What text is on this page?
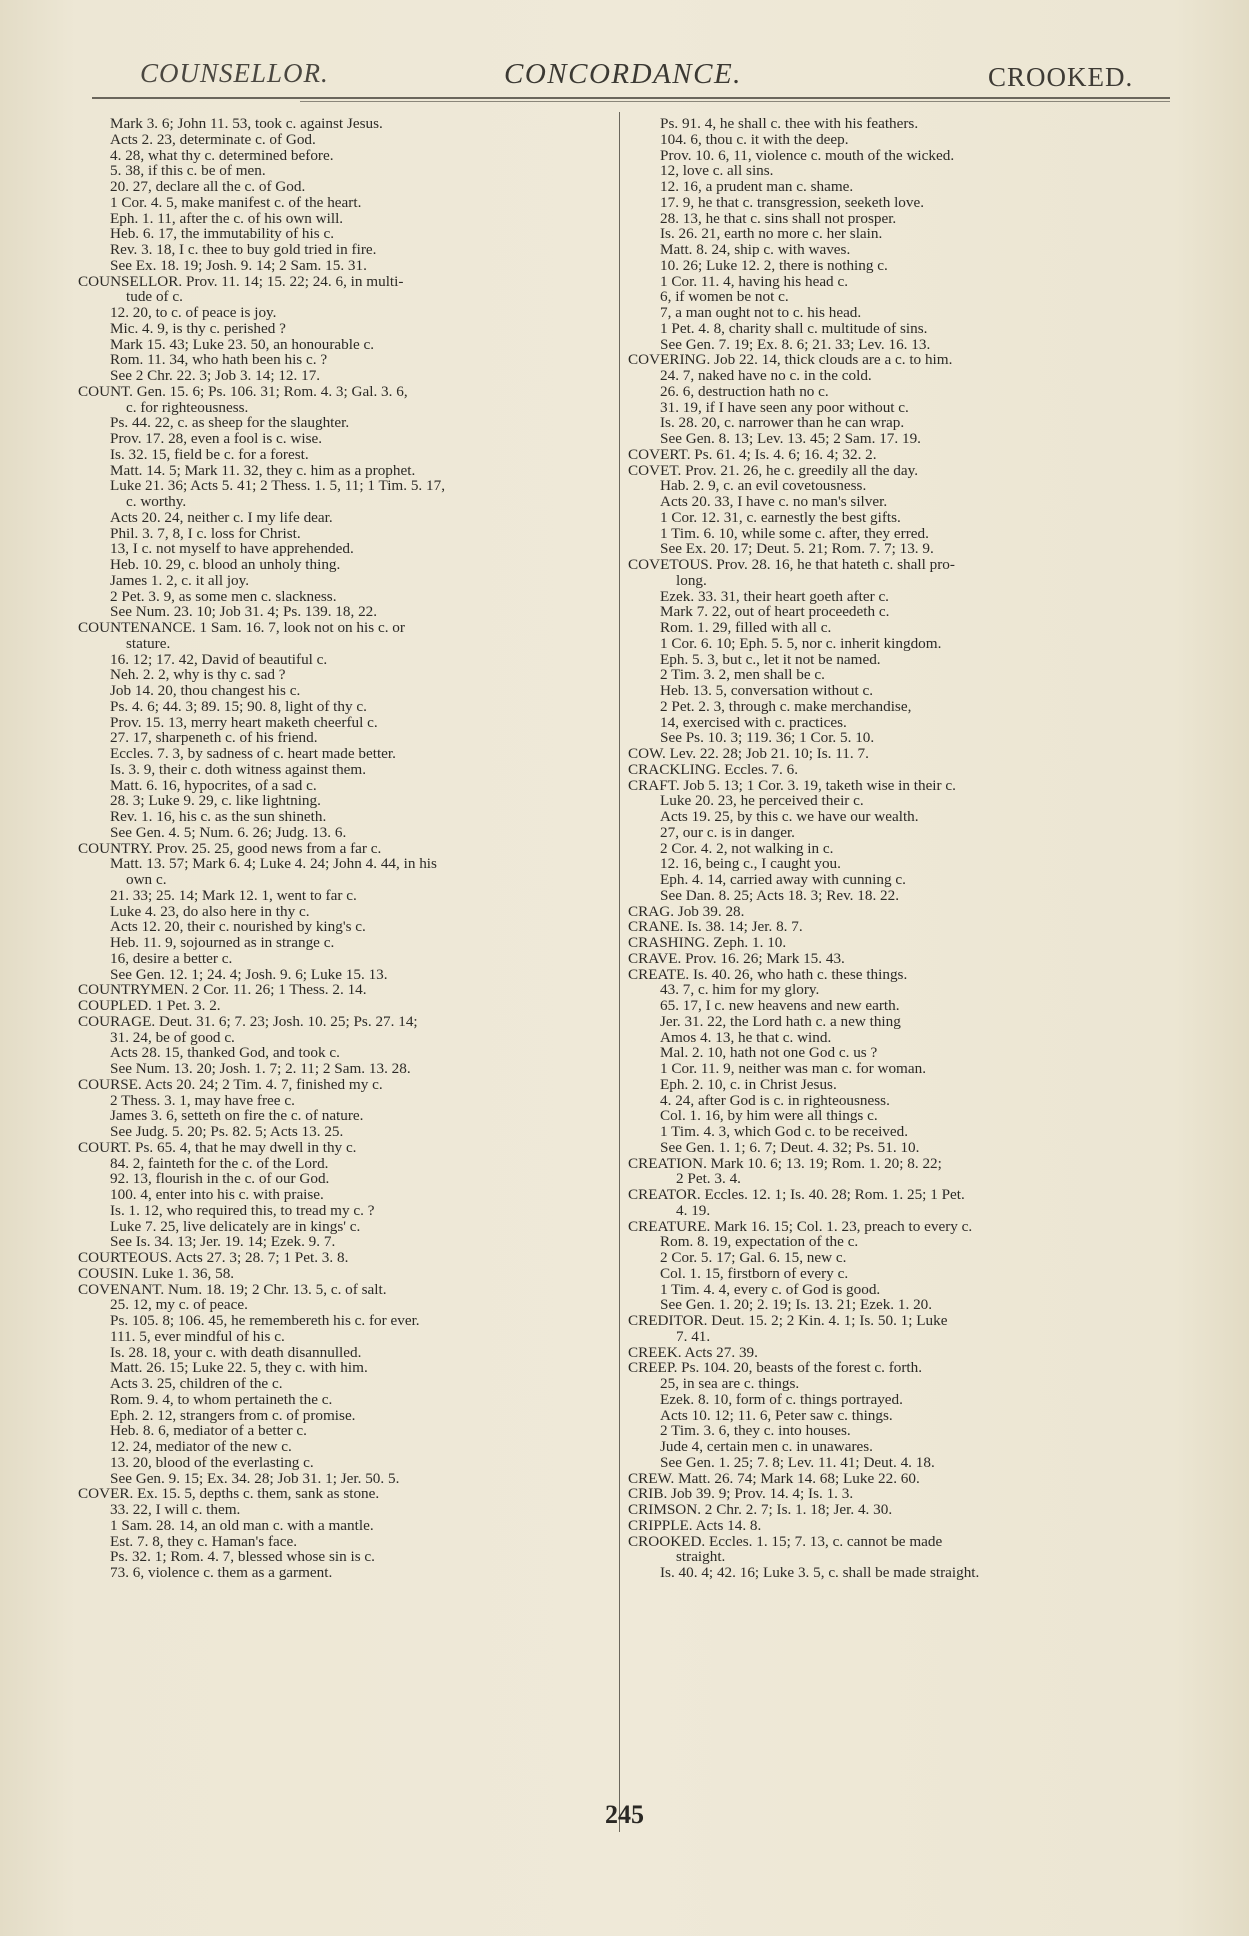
COUNSELLOR.	CONCORDANCE.	CROOKED.
Mark 3. 6; John 11. 53, took c. against Jesus.
Acts 2. 23, determinate c. of God.
4. 28, what thy c. determined before.
5. 38, if this c. be of men.
20. 27, declare all the c. of God.
1 Cor. 4. 5, make manifest c. of the heart.
Eph. 1. 11, after the c. of his own will.
Heb. 6. 17, the immutability of his c.
Rev. 3. 18, I c. thee to buy gold tried in fire.
See Ex. 18. 19; Josh. 9. 14; 2 Sam. 15. 31.
COUNSELLOR. Prov. 11. 14; 15. 22; 24. 6, in multi-
tude of c.
12. 20, to c. of peace is joy.
Mic. 4. 9, is thy c. perished ?
Mark 15. 43; Luke 23. 50, an honourable c.
Rom. 11. 34, who hath been his c. ?
See 2 Chr. 22. 3; Job 3. 14; 12. 17.
COUNT. Gen. 15. 6; Ps. 106. 31; Rom. 4. 3; Gal. 3. 6,
c. for righteousness.
Ps. 44. 22, c. as sheep for the slaughter.
Prov. 17. 28, even a fool is c. wise.
Is. 32. 15, field be c. for a forest.
Matt. 14. 5; Mark 11. 32, they c. him as a prophet.
Luke 21. 36; Acts 5. 41; 2 Thess. 1. 5, 11; 1 Tim. 5. 17,
c. worthy.
Acts 20. 24, neither c. I my life dear.
Phil. 3. 7, 8, I c. loss for Christ.
13, I c. not myself to have apprehended.
Heb. 10. 29, c. blood an unholy thing.
James 1. 2, c. it all joy.
2 Pet. 3. 9, as some men c. slackness.
See Num. 23. 10; Job 31. 4; Ps. 139. 18, 22.
COUNTENANCE. 1 Sam. 16. 7, look not on his c. or
stature.
16. 12; 17. 42, David of beautiful c.
Neh. 2. 2, why is thy c. sad ?
Job 14. 20, thou changest his c.
Ps. 4. 6; 44. 3; 89. 15; 90. 8, light of thy c.
Prov. 15. 13, merry heart maketh cheerful c.
27. 17, sharpeneth c. of his friend.
Eccles. 7. 3, by sadness of c. heart made better.
Is. 3. 9, their c. doth witness against them.
Matt. 6. 16, hypocrites, of a sad c.
28. 3; Luke 9. 29, c. like lightning.
Rev. 1. 16, his c. as the sun shineth.
See Gen. 4. 5; Num. 6. 26; Judg. 13. 6.
COUNTRY. Prov. 25. 25, good news from a far c.
Matt. 13. 57; Mark 6. 4; Luke 4. 24; John 4. 44, in his
own c.
21. 33; 25. 14; Mark 12. 1, went to far c.
Luke 4. 23, do also here in thy c.
Acts 12. 20, their c. nourished by king's c.
Heb. 11. 9, sojourned as in strange c.
16, desire a better c.
See Gen. 12. 1; 24. 4; Josh. 9. 6; Luke 15. 13.
COUNTRYMEN. 2 Cor. 11. 26; 1 Thess. 2. 14.
COUPLED. 1 Pet. 3. 2.
COURAGE. Deut. 31. 6; 7. 23; Josh. 10. 25; Ps. 27. 14;
31. 24, be of good c.
Acts 28. 15, thanked God, and took c.
See Num. 13. 20; Josh. 1. 7; 2. 11; 2 Sam. 13. 28.
COURSE. Acts 20. 24; 2 Tim. 4. 7, finished my c.
2 Thess. 3. 1, may have free c.
James 3. 6, setteth on fire the c. of nature.
See Judg. 5. 20; Ps. 82. 5; Acts 13. 25.
COURT. Ps. 65. 4, that he may dwell in thy c.
84. 2, fainteth for the c. of the Lord.
92. 13, flourish in the c. of our God.
100. 4, enter into his c. with praise.
Is. 1. 12, who required this, to tread my c. ?
Luke 7. 25, live delicately are in kings' c.
See Is. 34. 13; Jer. 19. 14; Ezek. 9. 7.
COURTEOUS. Acts 27. 3; 28. 7; 1 Pet. 3. 8.
COUSIN. Luke 1. 36, 58.
COVENANT. Num. 18. 19; 2 Chr. 13. 5, c. of salt.
25. 12, my c. of peace.
Ps. 105. 8; 106. 45, he remembereth his c. for ever.
111. 5, ever mindful of his c.
Is. 28. 18, your c. with death disannulled.
Matt. 26. 15; Luke 22. 5, they c. with him.
Acts 3. 25, children of the c.
Rom. 9. 4, to whom pertaineth the c.
Eph. 2. 12, strangers from c. of promise.
Heb. 8. 6, mediator of a better c.
12. 24, mediator of the new c.
13. 20, blood of the everlasting c.
See Gen. 9. 15; Ex. 34. 28; Job 31. 1; Jer. 50. 5.
COVER. Ex. 15. 5, depths c. them, sank as stone.
33. 22, I will c. them.
1 Sam. 28. 14, an old man c. with a mantle.
Est. 7. 8, they c. Haman's face.
Ps. 32. 1; Rom. 4. 7, blessed whose sin is c.
73. 6, violence c. them as a garment.
Ps. 91. 4, he shall c. thee with his feathers.
104. 6, thou c. it with the deep.
Prov. 10. 6, 11, violence c. mouth of the wicked.
12, love c. all sins.
12. 16, a prudent man c. shame.
17. 9, he that c. transgression, seeketh love.
28. 13, he that c. sins shall not prosper.
Is. 26. 21, earth no more c. her slain.
Matt. 8. 24, ship c. with waves.
10. 26; Luke 12. 2, there is nothing c.
1 Cor. 11. 4, having his head c.
6, if women be not c.
7, a man ought not to c. his head.
1 Pet. 4. 8, charity shall c. multitude of sins.
See Gen. 7. 19; Ex. 8. 6; 21. 33; Lev. 16. 13.
COVERING. Job 22. 14, thick clouds are a c. to him.
24. 7, naked have no c. in the cold.
26. 6, destruction hath no c.
31. 19, if I have seen any poor without c.
Is. 28. 20, c. narrower than he can wrap.
See Gen. 8. 13; Lev. 13. 45; 2 Sam. 17. 19.
COVERT. Ps. 61. 4; Is. 4. 6; 16. 4; 32. 2.
COVET. Prov. 21. 26, he c. greedily all the day.
Hab. 2. 9, c. an evil covetousness.
Acts 20. 33, I have c. no man's silver.
1 Cor. 12. 31, c. earnestly the best gifts.
1 Tim. 6. 10, while some c. after, they erred.
See Ex. 20. 17; Deut. 5. 21; Rom. 7. 7; 13. 9.
COVETOUS. Prov. 28. 16, he that hateth c. shall pro-
long.
Ezek. 33. 31, their heart goeth after c.
Mark 7. 22, out of heart proceedeth c.
Rom. 1. 29, filled with all c.
1 Cor. 6. 10; Eph. 5. 5, nor c. inherit kingdom.
Eph. 5. 3, but c., let it not be named.
2 Tim. 3. 2, men shall be c.
Heb. 13. 5, conversation without c.
2 Pet. 2. 3, through c. make merchandise,
14, exercised with c. practices.
See Ps. 10. 3; 119. 36; 1 Cor. 5. 10.
COW. Lev. 22. 28; Job 21. 10; Is. 11. 7.
CRACKLING. Eccles. 7. 6.
CRAFT. Job 5. 13; 1 Cor. 3. 19, taketh wise in their c.
Luke 20. 23, he perceived their c.
Acts 19. 25, by this c. we have our wealth.
27, our c. is in danger.
2 Cor. 4. 2, not walking in c.
12. 16, being c., I caught you.
Eph. 4. 14, carried away with cunning c.
See Dan. 8. 25; Acts 18. 3; Rev. 18. 22.
CRAG. Job 39. 28.
CRANE. Is. 38. 14; Jer. 8. 7.
CRASHING. Zeph. 1. 10.
CRAVE. Prov. 16. 26; Mark 15. 43.
CREATE. Is. 40. 26, who hath c. these things.
43. 7, c. him for my glory.
65. 17, I c. new heavens and new earth.
Jer. 31. 22, the Lord hath c. a new thing
Amos 4. 13, he that c. wind.
Mal. 2. 10, hath not one God c. us ?
1 Cor. 11. 9, neither was man c. for woman.
Eph. 2. 10, c. in Christ Jesus.
4. 24, after God is c. in righteousness.
Col. 1. 16, by him were all things c.
1 Tim. 4. 3, which God c. to be received.
See Gen. 1. 1; 6. 7; Deut. 4. 32; Ps. 51. 10.
CREATION. Mark 10. 6; 13. 19; Rom. 1. 20; 8. 22;
2 Pet. 3. 4.
CREATOR. Eccles. 12. 1; Is. 40. 28; Rom. 1. 25; 1 Pet.
4. 19.
CREATURE. Mark 16. 15; Col. 1. 23, preach to every c.
Rom. 8. 19, expectation of the c.
2 Cor. 5. 17; Gal. 6. 15, new c.
Col. 1. 15, firstborn of every c.
1 Tim. 4. 4, every c. of God is good.
See Gen. 1. 20; 2. 19; Is. 13. 21; Ezek. 1. 20.
CREDITOR. Deut. 15. 2; 2 Kin. 4. 1; Is. 50. 1; Luke
7. 41.
CREEK. Acts 27. 39.
CREEP. Ps. 104. 20, beasts of the forest c. forth.
25, in sea are c. things.
Ezek. 8. 10, form of c. things portrayed.
Acts 10. 12; 11. 6, Peter saw c. things.
2 Tim. 3. 6, they c. into houses.
Jude 4, certain men c. in unawares.
See Gen. 1. 25; 7. 8; Lev. 11. 41; Deut. 4. 18.
CREW. Matt. 26. 74; Mark 14. 68; Luke 22. 60.
CRIB. Job 39. 9; Prov. 14. 4; Is. 1. 3.
CRIMSON. 2 Chr. 2. 7; Is. 1. 18; Jer. 4. 30.
CRIPPLE. Acts 14. 8.
CROOKED. Eccles. 1. 15; 7. 13, c. cannot be made
straight.
Is. 40. 4; 42. 16; Luke 3. 5, c. shall be made straight.
245
